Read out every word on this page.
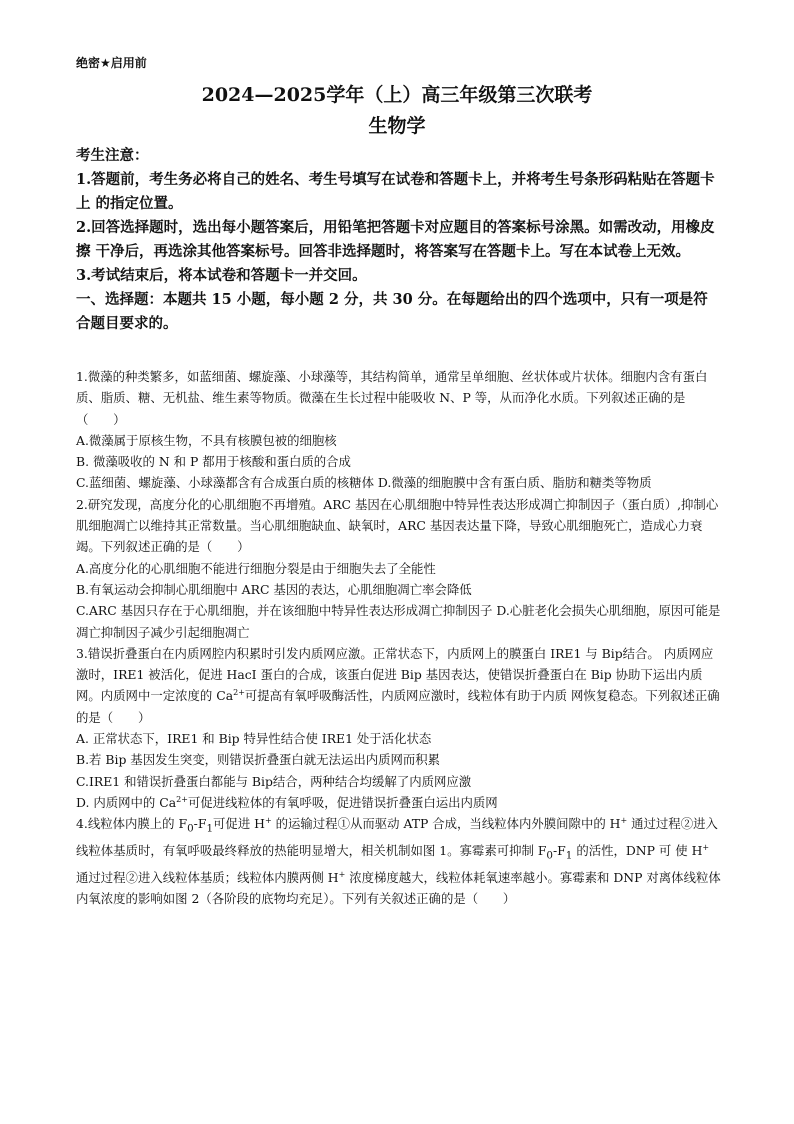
绝密★启用前
2024—2025学年（上）高三年级第三次联考
生物学

考生注意：

1.答题前，考生务必将自己的姓名、考生号填写在试卷和答题卡上，并将考生号条形码粘贴在答题卡上 的指定位置。

2.回答选择题时，选出每小题答案后，用铅笔把答题卡对应题目的答案标号涂黑。如需改动，用橡皮擦 干净后，再选涂其他答案标号。回答非选择题时，将答案写在答题卡上。写在本试卷上无效。

3.考试结束后，将本试卷和答题卡一并交回。

一、选择题：本题共 15 小题，每小题 2 分，共 30 分。在每题给出的四个选项中，只有一项是符合题目要求的。

1.微藻的种类繁多，如蓝细菌、螺旋藻、小球藻等，其结构简单，通常呈单细胞、丝状体或片状体。细胞内含有蛋白质、脂质、糖、无机盐、维生素等物质。微藻在生长过程中能吸收 N、P 等，从而净化水质。下列叙述正确的是（　　）

A.微藻属于原核生物，不具有核膜包被的细胞核

B. 微藻吸收的 N 和 P 都用于核酸和蛋白质的合成

C.蓝细菌、螺旋藻、小球藻都含有合成蛋白质的核糖体 D.微藻的细胞膜中含有蛋白质、脂肪和糖类等物质

2.研究发现，高度分化的心肌细胞不再增殖。ARC 基因在心肌细胞中特异性表达形成凋亡抑制因子（蛋白质）,抑制心肌细胞凋亡以维持其正常数量。当心肌细胞缺血、缺氧时，ARC 基因表达量下降，导致心肌细胞死亡，造成心力衰竭。下列叙述正确的是（　　）

A.高度分化的心肌细胞不能进行细胞分裂是由于细胞失去了全能性

B.有氧运动会抑制心肌细胞中 ARC 基因的表达，心肌细胞凋亡率会降低

C.ARC 基因只存在于心肌细胞，并在该细胞中特异性表达形成凋亡抑制因子 D.心脏老化会损失心肌细胞，原因可能是凋亡抑制因子减少引起细胞凋亡

3.错误折叠蛋白在内质网腔内积累时引发内质网应激。正常状态下，内质网上的膜蛋白 IRE1 与 Bip结合。 内质网应激时，IRE1 被活化，促进 HacI 蛋白的合成，该蛋白促进 Bip 基因表达，使错误折叠蛋白在 Bip 协助下运出内质网。内质网中一定浓度的 $Ca^{2+}$可提高有氧呼吸酶活性，内质网应激时，线粒体有助于内质 网恢复稳态。下列叙述正确的是（　　）

A. 正常状态下，IRE1 和 Bip 特异性结合使 IRE1 处于活化状态

B.若 Bip 基因发生突变，则错误折叠蛋白就无法运出内质网而积累

C.IRE1 和错误折叠蛋白都能与 Bip结合，两种结合均缓解了内质网应激

D. 内质网中的 $Ca^{2+}$可促进线粒体的有氧呼吸，促进错误折叠蛋白运出内质网

4.线粒体内膜上的 $F_0-F_1$可促进 H+ 的运输过程①从而驱动 ATP 合成，当线粒体内外膜间隙中的 H+ 通过过程②进入线粒体基质时，有氧呼吸最终释放的热能明显增大，相关机制如图 1。寡霉素可抑制 $F_0-F_1$ 的活性，DNP 可 使 H+ 通过过程②进入线粒体基质；线粒体内膜两侧 H+ 浓度梯度越大，线粒体耗氧速率越小。寡霉素和 DNP 对离体线粒体内氧浓度的影响如图 2（各阶段的底物均充足）。下列有关叙述正确的是（　　）
